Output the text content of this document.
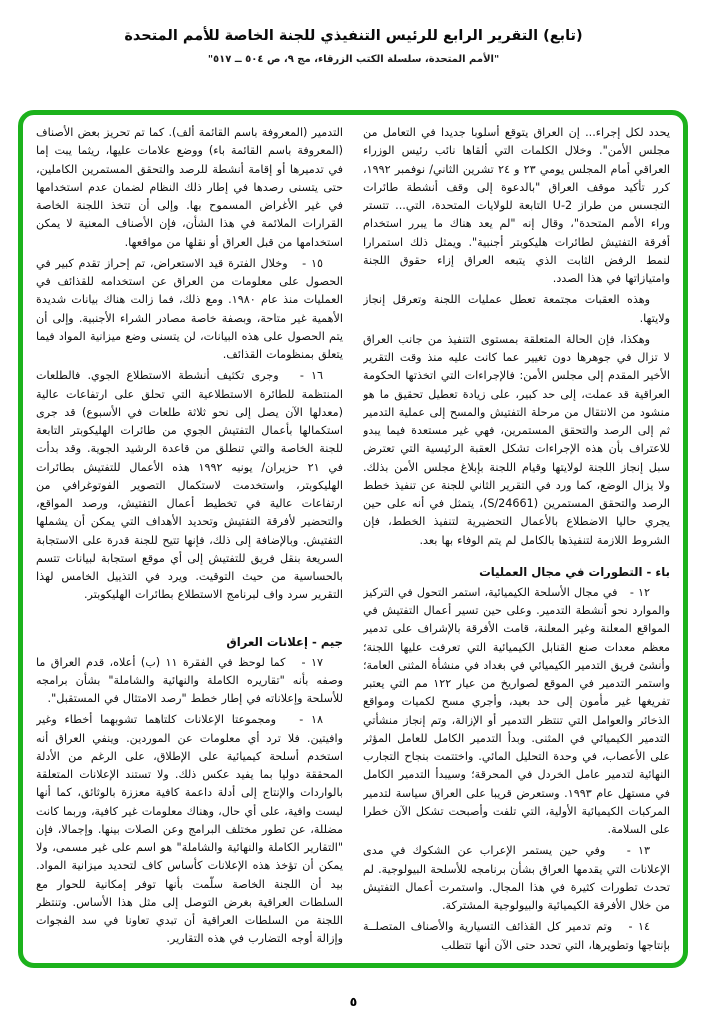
(تابع) التقرير الرابع للرئيس التنفيذي للجنة الخاصة للأمم المتحدة
"الأمم المتحدة، سلسلة الكتب الزرقاء، مج ٩، ص ٥٠٤ ــ ٥١٧"

يحدد لكل إجراء... إن العراق يتوقع أسلوبا جديدا في التعامل من مجلس الأمن". وخلال الكلمات التي ألقاها نائب رئيس الوزراء العراقي أمام المجلس يومي ٢٣ و ٢٤ تشرين الثاني/ نوفمبر ١٩٩٢، كرر تأكيد موقف العراق "بالدعوة إلى وقف أنشطة طائرات التجسس من طراز U-2 التابعة للولايات المتحدة، التي... تتستر وراء الأمم المتحدة"، وقال إنه "لم يعد هناك ما يبرر استخدام أفرقة التفتيش لطائرات هليكوبتر أجنبية". ويمثل ذلك استمرارا لنمط الرفض الثابت الذي يتبعه العراق إزاء حقوق اللجنة وامتيازاتها في هذا الصدد.

وهذه العقبات مجتمعة تعطل عمليات اللجنة وتعرقل إنجاز ولايتها.

وهكذا، فإن الحالة المتعلقة بمستوى التنفيذ من جانب العراق لا تزال في جوهرها دون تغيير عما كانت عليه منذ وقت التقرير الأخير المقدم إلى مجلس الأمن: فالإجراءات التي اتخذتها الحكومة العراقية قد عملت، إلى حد كبير، على زيادة تعطيل تحقيق ما هو منشود من الانتقال من مرحلة التفتيش والمسح إلى عملية التدمير ثم إلى الرصد والتحقق المستمرين، فهي غير مستعدة فيما يبدو للاعتراف بأن هذه الإجراءات تشكل العقبة الرئيسية التي تعترض سبل إنجاز اللجنة لولايتها وقيام اللجنة بإبلاغ مجلس الأمن بذلك. ولا يزال الوضع، كما ورد في التقرير الثاني للجنة عن تنفيذ خطط الرصد والتحقق المستمرين (S/24661)، يتمثل في أنه على حين يجري حاليا الاضطلاع بالأعمال التحضيرية لتنفيذ الخطط، فإن الشروط اللازمة لتنفيذها بالكامل لم يتم الوفاء بها بعد.

باء - التطورات في مجال العمليات

١٢ -   في مجال الأسلحة الكيميائية، استمر التحول في التركيز والموارد نحو أنشطة التدمير. وعلى حين تسير أعمال التفتيش في المواقع المعلنة وغير المعلنة، قامت الأفرقة بالإشراف على تدمير معظم معدات صنع القنابل الكيميائية التي تعرفت عليها اللجنة؛ وأنشئ فريق التدمير الكيميائي في بغداد في منشأة المثنى العامة؛ واستمر التدمير في الموقع لصواريخ من عيار ١٢٢ مم التي يعتبر تفريغها غير مأمون إلى حد بعيد، وأجري مسح لكميات ومواقع الذخائر والعوامل التي تنتظر التدمير أو الإزالة، وتم إنجاز منشأتي التدمير الكيميائي في المثنى. وبدأ التدمير الكامل للعامل المؤثر على الأعصاب، في وحدة التحليل المائي. واختتمت بنجاح التجارب النهائية لتدمير عامل الخردل في المحرقة؛ وسيبدأ التدمير الكامل في مستهل عام ١٩٩٣. وستعرض قريبا على العراق سياسة لتدمير المركبات الكيميائية الأولية، التي تلفت وأصبحت تشكل الآن خطرا على السلامة.

١٣ -   وفي حين يستمر الإعراب عن الشكوك في مدى الإعلانات التي يقدمها العراق بشأن برنامجه للأسلحة البيولوجية. لم تحدث تطورات كثيرة في هذا المجال. واستمرت أعمال التفتيش من خلال الأفرقة الكيميائية والبيولوجية المشتركة.

١٤ -   وتم تدمير كل القذائف التسيارية والأصناف المتصلــة بإنتاجها وتطويرها، التي تحدد حتى الآن أنها تتطلب

التدمير (المعروفة باسم القائمة ألف). كما تم تحريز بعض الأصناف (المعروفة باسم القائمة باء) ووضع علامات عليها، ريثما يبت إما في تدميرها أو إقامة أنشطة للرصد والتحقق المستمرين الكاملين، حتى يتسنى رصدها في إطار ذلك النظام لضمان عدم استخدامها في غير الأغراض المسموح بها. وإلى أن تتخذ اللجنة الخاصة القرارات الملائمة في هذا الشأن، فإن الأصناف المعنية لا يمكن استخدامها من قبل العراق أو نقلها من مواقعها.

١٥ -   وخلال الفترة قيد الاستعراض، تم إحراز تقدم كبير في الحصول على معلومات من العراق عن استخدامه للقذائف في العمليات منذ عام ١٩٨٠. ومع ذلك، فما زالت هناك بيانات شديدة الأهمية غير متاحة، وبصفة خاصة مصادر الشراء الأجنبية. وإلى أن يتم الحصول على هذه البيانات، لن يتسنى وضع ميزانية المواد فيما يتعلق بمنظومات القذائف.

١٦ -   وجرى تكثيف أنشطة الاستطلاع الجوي. فالطلعات المنتظمة للطائرة الاستطلاعية التي تحلق على ارتفاعات عالية (معدلها الآن يصل إلى نحو ثلاثة طلعات في الأسبوع) قد جرى استكمالها بأعمال التفتيش الجوي من طائرات الهليكوبتر التابعة للجنة الخاصة والتي تنطلق من قاعدة الرشيد الجوية. وقد بدأت في ٢١ حزيران/ يونيه ١٩٩٢ هذه الأعمال للتفتيش بطائرات الهليكوبتر، واستخدمت لاستكمال التصوير الفوتوغرافي من ارتفاعات عالية في تخطيط أعمال التفتيش، ورصد المواقع، والتحضير لأفرقة التفتيش وتحديد الأهداف التي يمكن أن يشملها التفتيش. وبالإضافة إلى ذلك، فإنها تتيح للجنة قدرة على الاستجابة السريعة بنقل فريق للتفتيش إلى أي موقع استجابة لبيانات تتسم بالحساسية من حيث التوقيت. ويرد في التذييل الخامس لهذا التقرير سرد واف لبرنامج الاستطلاع بطائرات الهليكوبتر.

جيم - إعلانات العراق

١٧ -   كما لوحظ في الفقرة ١١ (ب) أعلاه، قدم العراق ما وصفه بأنه "تقاريره الكاملة والنهائية والشاملة" بشأن برامجه للأسلحة وإعلاناته في إطار خطط "رصد الامتثال في المستقبل".

١٨ -   ومجموعتا الإعلانات كلتاهما تشوبهما أخطاء وغير وافيتين. فلا ترد أي معلومات عن الموردين. وينفي العراق أنه استخدم أسلحة كيميائية على الإطلاق، على الرغم من الأدلة المحققة دوليا بما يفيد عكس ذلك. ولا تستند الإعلانات المتعلقة بالواردات والإنتاج إلى أدلة داعمة كافية معززة بالوثائق، كما أنها ليست وافية، على أي حال، وهناك معلومات غير كافية، وربما كانت مضللة، عن تطور مختلف البرامج وعن الصلات بينها. وإجمالا، فإن "التقارير الكاملة والنهائية والشاملة" هو اسم على غير مسمى، ولا يمكن أن تؤخذ هذه الإعلانات كأساس كاف لتحديد ميزانية المواد. بيد أن اللجنة الخاصة سلّمت بأنها توفر إمكانية للحوار مع السلطات العراقية بغرض التوصل إلى مثل هذا الأساس. وتنتظر اللجنة من السلطات العراقية أن تبدي تعاونا في سد الفجوات وإزالة أوجه التضارب في هذه التقارير.

٥
